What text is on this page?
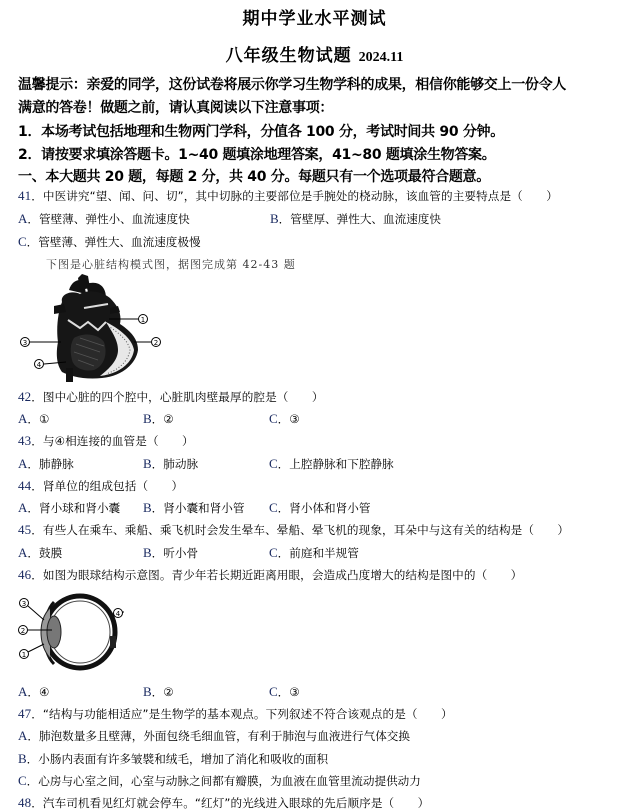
期中学业水平测试
八年级生物试题 2024.11
温馨提示：亲爱的同学，这份试卷将展示你学习生物学科的成果，相信你能够交上一份令人
满意的答卷！做题之前，请认真阅读以下注意事项：
1．本场考试包括地理和生物两门学科，分值各 100 分，考试时间共 90 分钟。
2．请按要求填涂答题卡。1~40 题填涂地理答案，41~80 题填涂生物答案。
一、本大题共 20 题，每题 2 分，共 40 分。每题只有一个选项最符合题意。
41．中医讲究“望、闻、问、切”，其中切脉的主要部位是手腕处的桡动脉，该血管的主要特点是（　　）
A．管壁薄、弹性小、血流速度快	B．管壁厚、弹性大、血流速度快
C．管壁薄、弹性大、血流速度极慢
下图是心脏结构模式图，据图完成第 42-43 题
1
2
3
4
42．图中心脏的四个腔中，心脏肌肉壁最厚的腔是（　　）
A．①	B．②	C．③
43．与④相连接的血管是（　　）
A．肺静脉	B．肺动脉	C．上腔静脉和下腔静脉
44．肾单位的组成包括（　　）
A．肾小球和肾小囊 B．肾小囊和肾小管 C．肾小体和肾小管
45．有些人在乘车、乘船、乘飞机时会发生晕车、晕船、晕飞机的现象，耳朵中与这有关的结构是（　　）
A．鼓膜	B．听小骨	C．前庭和半规管
46．如图为眼球结构示意图。青少年若长期近距离用眼，会造成凸度增大的结构是图中的（　　）
3
2
1
4
A．④	B．②	C．③
47．“结构与功能相适应”是生物学的基本观点。下列叙述不符合该观点的是（　　）
A．肺泡数量多且壁薄，外面包绕毛细血管，有利于肺泡与血液进行气体交换
B．小肠内表面有许多皱襞和绒毛，增加了消化和吸收的面积
C．心房与心室之间，心室与动脉之间都有瓣膜，为血液在血管里流动提供动力
48．汽车司机看见红灯就会停车。“红灯”的光线进入眼球的先后顺序是（　　）
